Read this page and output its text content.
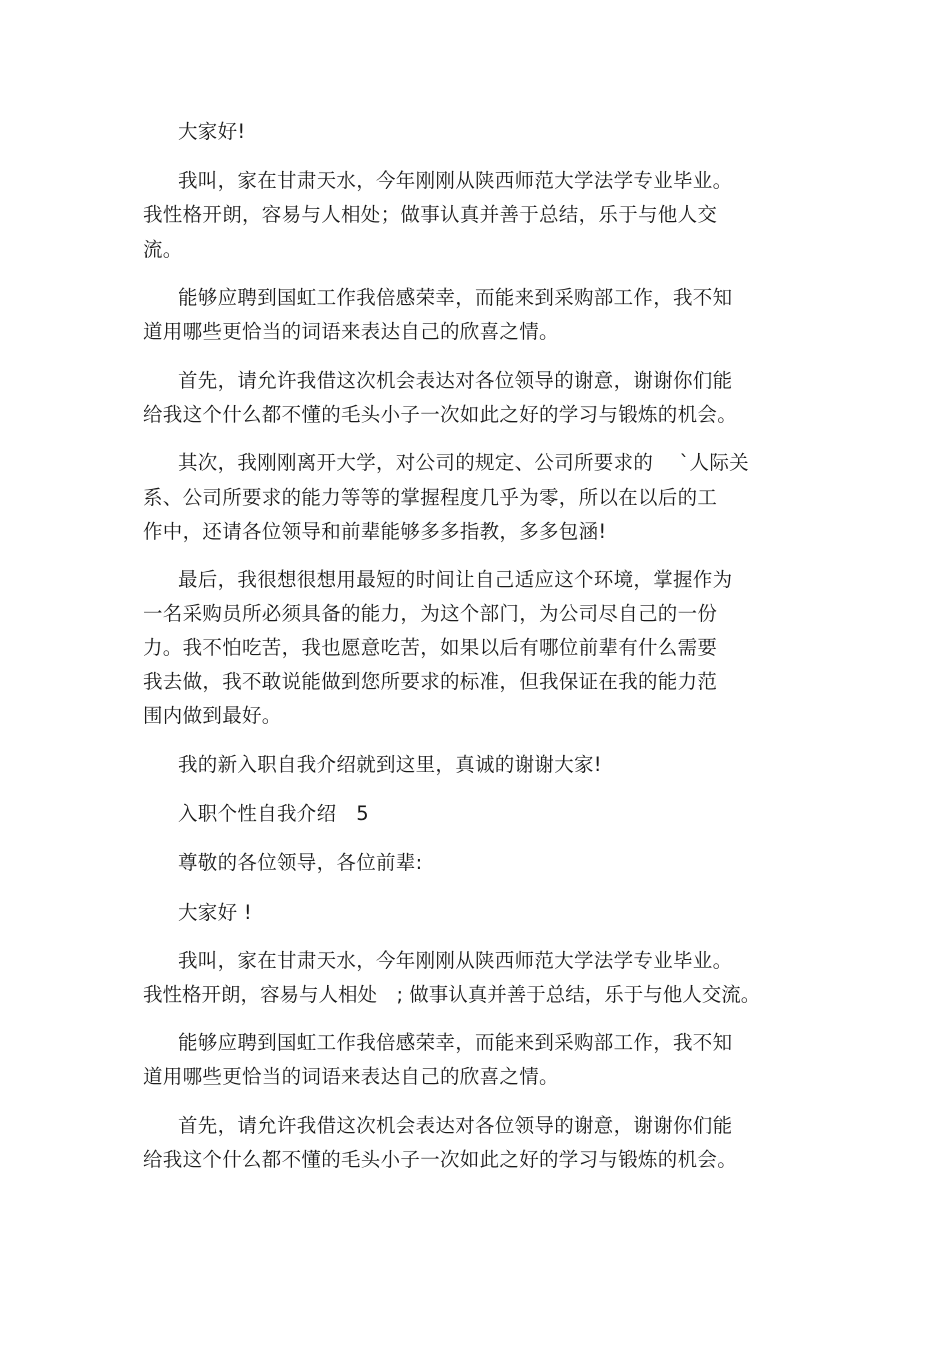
大家好!
我叫，家在甘肃天水，今年刚刚从陕西师范大学法学专业毕业。
我性格开朗，容易与人相处；做事认真并善于总结，乐于与他人交
流。
能够应聘到国虹工作我倍感荣幸，而能来到采购部工作，我不知
道用哪些更恰当的词语来表达自己的欣喜之情。
首先，请允许我借这次机会表达对各位领导的谢意，谢谢你们能
给我这个什么都不懂的毛头小子一次如此之好的学习与锻炼的机会。
其次，我刚刚离开大学，对公司的规定、公司所要求的　 `人际关
系、公司所要求的能力等等的掌握程度几乎为零，所以在以后的工
作中，还请各位领导和前辈能够多多指教，多多包涵!
最后，我很想很想用最短的时间让自己适应这个环境，掌握作为
一名采购员所必须具备的能力，为这个部门，为公司尽自己的一份
力。我不怕吃苦，我也愿意吃苦，如果以后有哪位前辈有什么需要
我去做，我不敢说能做到您所要求的标准，但我保证在我的能力范
围内做到最好。
我的新入职自我介绍就到这里，真诚的谢谢大家!
入职个性自我介绍　5
尊敬的各位领导，各位前辈:
大家好 !
我叫，家在甘肃天水，今年刚刚从陕西师范大学法学专业毕业。
我性格开朗，容易与人相处　; 做事认真并善于总结，乐于与他人交流。
能够应聘到国虹工作我倍感荣幸，而能来到采购部工作，我不知
道用哪些更恰当的词语来表达自己的欣喜之情。
首先，请允许我借这次机会表达对各位领导的谢意，谢谢你们能
给我这个什么都不懂的毛头小子一次如此之好的学习与锻炼的机会。
